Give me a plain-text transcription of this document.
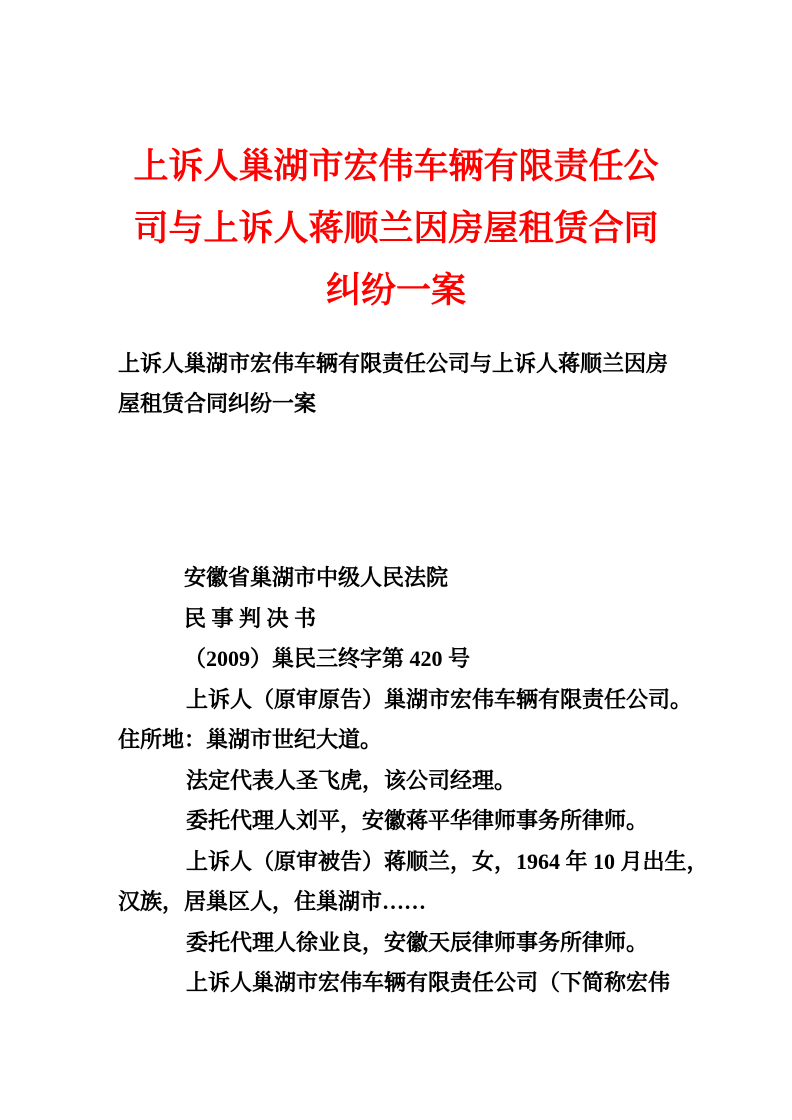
上诉人巢湖市宏伟车辆有限责任公
司与上诉人蒋顺兰因房屋租赁合同
纠纷一案
上诉人巢湖市宏伟车辆有限责任公司与上诉人蒋顺兰因房
屋租赁合同纠纷一案
安徽省巢湖市中级人民法院
民 事 判 决 书
（2009）巢民三终字第 420 号
上诉人（原审原告）巢湖市宏伟车辆有限责任公司。
住所地：巢湖市世纪大道。
法定代表人圣飞虎，该公司经理。
委托代理人刘平，安徽蒋平华律师事务所律师。
上诉人（原审被告）蒋顺兰，女，1964 年 10 月出生，
汉族，居巢区人，住巢湖市……
委托代理人徐业良，安徽天辰律师事务所律师。
上诉人巢湖市宏伟车辆有限责任公司（下简称宏伟
